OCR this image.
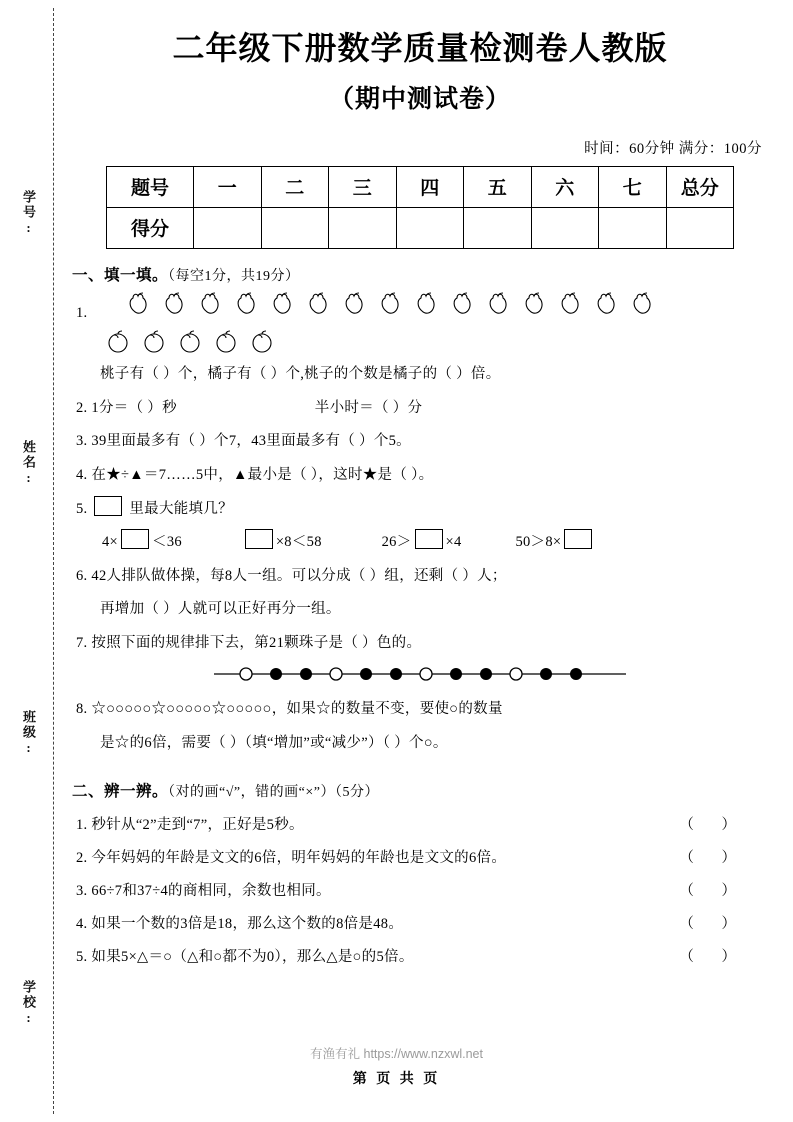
学号:
姓名:
班级:
学校:
二年级下册数学质量检测卷人教版
（期中测试卷）
时间：60分钟 满分：100分
题号	一	二	三	四	五	六	七	总分
得分								
一、填一填。（每空1分，共19分）
1.
桃子有（ ）个，橘子有（ ）个,桃子的个数是橘子的（ ）倍。
2. 1分＝（ ）秒	半小时＝（ ）分
3. 39里面最多有（ ）个7，43里面最多有（ ）个5。
4. 在★÷▲＝7……5中，▲最小是（ ），这时★是（ ）。
5.	里最大能填几？
4× ＜36	×8＜58	26＞ ×4	50＞8×
6. 42人排队做体操，每8人一组。可以分成（ ）组，还剩（ ）人；
再增加（ ）人就可以正好再分一组。
7. 按照下面的规律排下去，第21颗珠子是（ ）色的。
8. ☆○○○○○☆○○○○○☆○○○○○，如果☆的数量不变，要使○的数量
是☆的6倍，需要（ ）（填“增加”或“减少”）（ ）个○。
二、辨一辨。（对的画“√”，错的画“×”）（5分）
1. 秒针从“2”走到“7”，正好是5秒。	（ ）
2. 今年妈妈的年龄是文文的6倍，明年妈妈的年龄也是文文的6倍。	（ ）
3. 66÷7和37÷4的商相同，余数也相同。	（ ）
4. 如果一个数的3倍是18，那么这个数的8倍是48。	（ ）
5. 如果5×△＝○（△和○都不为0），那么△是○的5倍。	（ ）
有渔有礼 https://www.nzxwl.net
第 页 共 页
